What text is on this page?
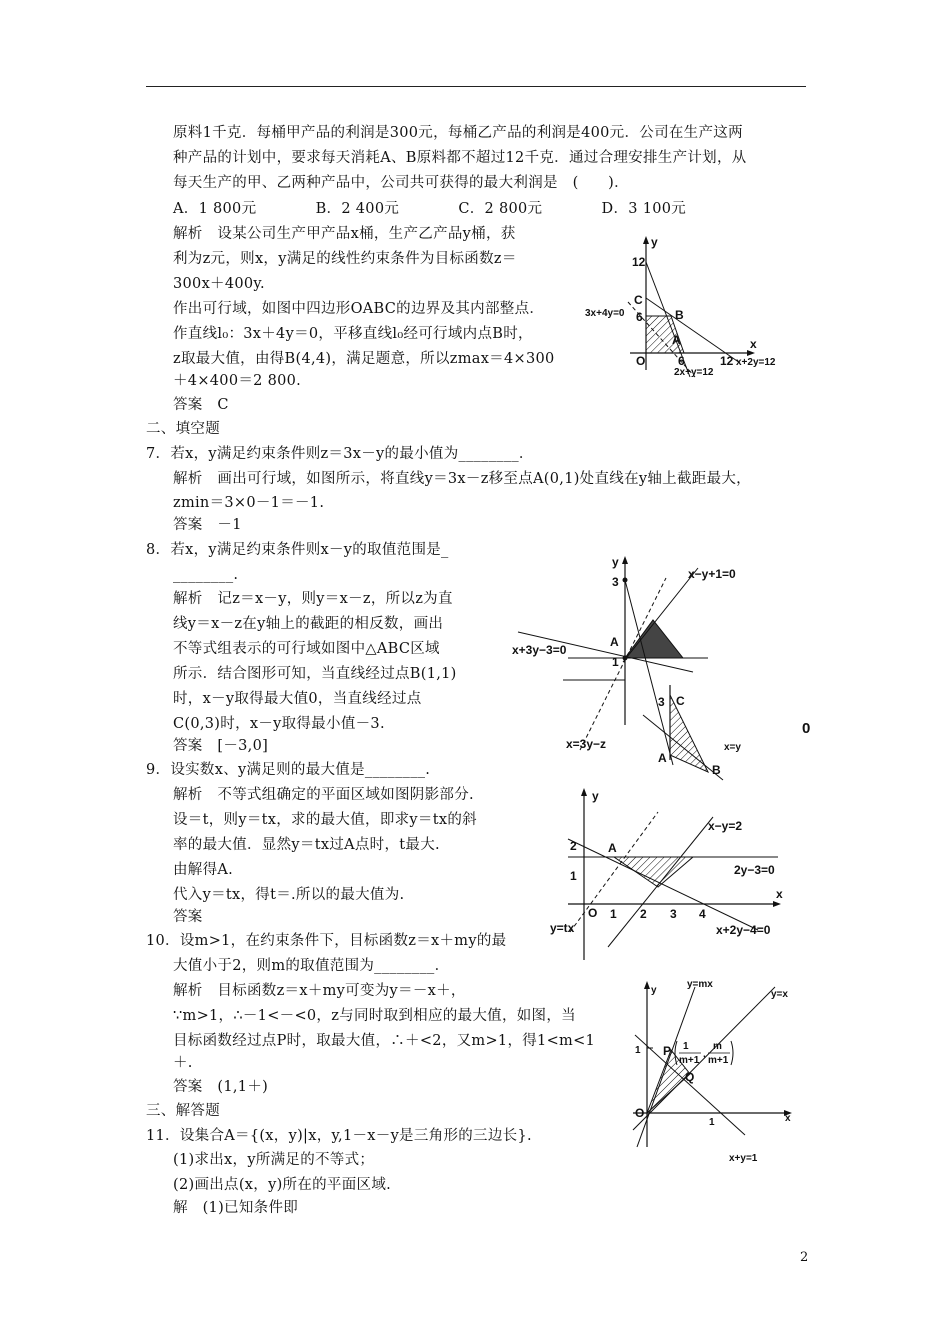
原料1千克．每桶甲产品的利润是300元，每桶乙产品的利润是400元．公司在生产这两
种产品的计划中，要求每天消耗A、B原料都不超过12千克．通过合理安排生产计划，从
每天生产的甲、乙两种产品中，公司共可获得的最大利润是　(　　)．
A．1 800元　　　　B．2 400元　　　　C．2 800元　　　　D．3 100元
解析　设某公司生产甲产品x桶，生产乙产品y桶，获
利为z元，则x，y满足的线性约束条件为目标函数z＝
300x＋400y.
作出可行域，如图中四边形OABC的边界及其内部整点．
作直线l₀：3x＋4y＝0，平移直线l₀经可行域内点B时，
z取最大值，由得B(4,4)，满足题意，所以zmax＝4×300
＋4×400＝2 800.
答案　C
二、填空题
7．若x，y满足约束条件则z＝3x－y的最小值为________．
解析　画出可行域，如图所示，将直线y＝3x－z移至点A(0,1)处直线在y轴上截距最大，
zmin＝3×0－1＝－1.
答案　－1
8．若x，y满足约束条件则x－y的取值范围是_
________.
解析　记z＝x－y，则y＝x－z，所以z为直
线y＝x－z在y轴上的截距的相反数，画出
不等式组表示的可行域如图中△ABC区域
所示．结合图形可知，当直线经过点B(1,1)
时，x－y取得最大值0，当直线经过点
C(0,3)时，x－y取得最小值－3.
答案　[－3,0]
9．设实数x、y满足则的最大值是________.
解析　不等式组确定的平面区域如图阴影部分.
设＝t，则y＝tx，求的最大值，即求y＝tx的斜
率的最大值．显然y＝tx过A点时，t最大.
由解得A.
代入y＝tx，得t＝.所以的最大值为.
答案
10．设m>1，在约束条件下，目标函数z＝x＋my的最
大值小于2，则m的取值范围为________．
解析　目标函数z＝x＋my可变为y＝－x＋，
∵m>1，∴－1<－<0，z与同时取到相应的最大值，如图，当
目标函数经过点P时，取最大值，∴＋<2，又m>1，得1<m<1
＋.
答案　(1,1＋)
三、解答题
11．设集合A＝{(x，y)|x，y,1－x－y是三角形的三边长}.
(1)求出x，y所满足的不等式；
(2)画出点(x，y)所在的平面区域.
解　(1)已知条件即
y
12
C
6
3x+4y=0	B
A	x
O	6	12 x+2y=12
2x+y=12
y
3
x−y+1=0
A
x+3y−3=0
1
x=3y−z
3 C
A
B
x=y
0
y
x−y=2
2	A
1	2y−3=0
x
O 1 2 3 4
y=tx	x+2y−4=0
y
y=mx
y=x
1 P 1
m+1
,
m
m+1
Q
O
1	x
x+y=1
2
